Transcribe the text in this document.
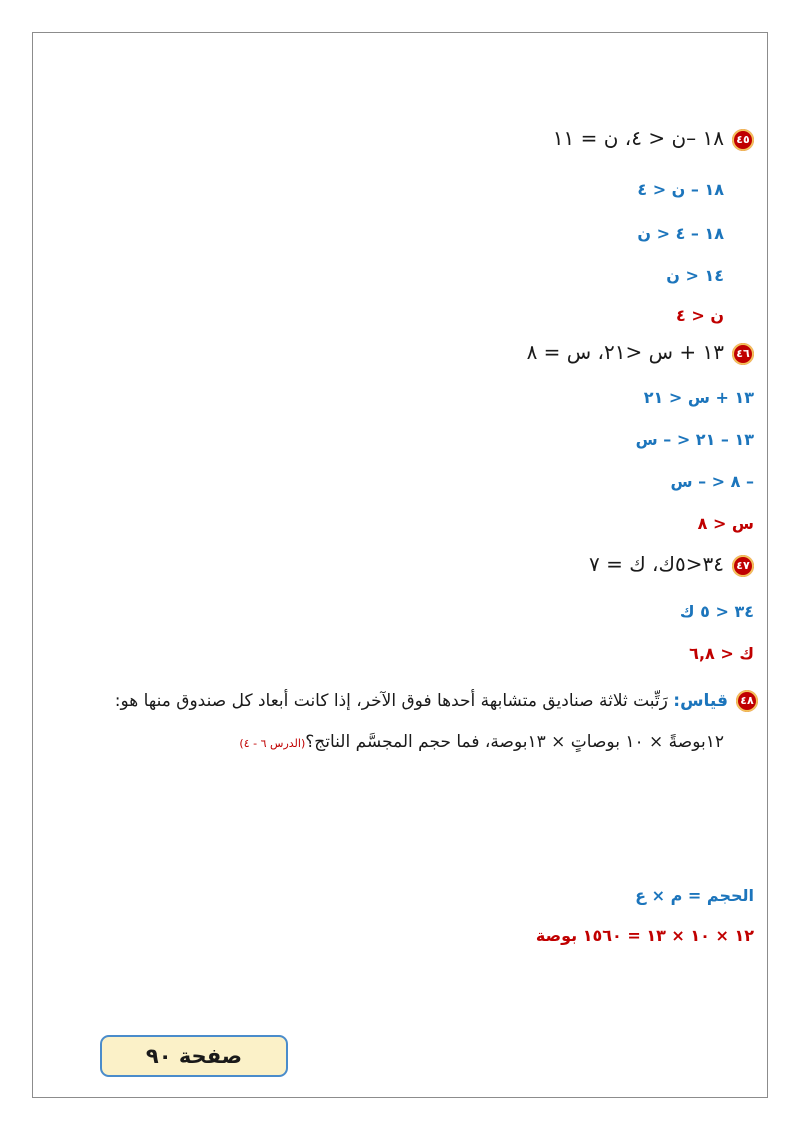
٤٥١٨ –ن < ٤، ن = ١١
١٨ – ن < ٤
١٨ – ٤ < ن
١٤ < ن
ن < ٤
٤٦١٣ + س <٢١، س = ٨
١٣ + س < ٢١
١٣ – ٢١ < – س
– ٨ < – س
س < ٨
٤٧٣٤<٥ك، ك = ٧
٣٤ < ٥ ك
ك < ٦,٨
٤٨قياس: رَتِّبت ثلاثة صناديق متشابهة أحدها فوق الآخر، إذا كانت أبعاد كل صندوق منها هو:
١٢بوصةً × ١٠ بوصاتٍ × ١٣بوصة، فما حجم المجسَّم الناتج؟(الدرس ٦ - ٤)
الحجم = م × ع
١٢ × ١٠ × ١٣ = ١٥٦٠ بوصة
صفحة ٩٠
